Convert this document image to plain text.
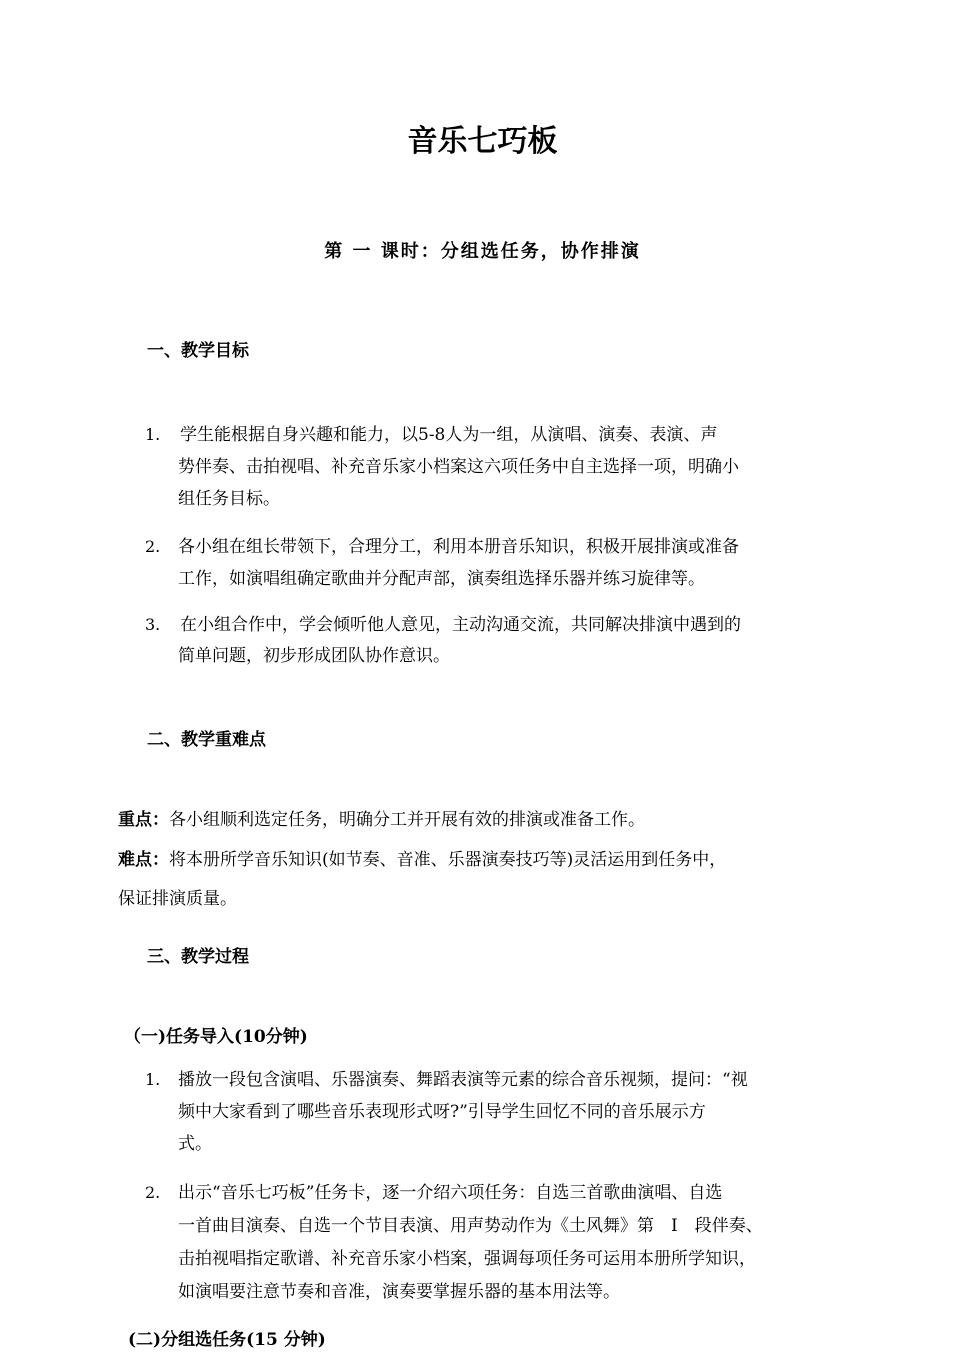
音乐七巧板
第 一 课时：分组选任务，协作排演
一、教学目标
1. 学生能根据自身兴趣和能力，以5-8人为一组，从演唱、演奏、表演、声
势伴奏、击拍视唱、补充音乐家小档案这六项任务中自主选择一项，明确小
组任务目标。
2. 各小组在组长带领下，合理分工，利用本册音乐知识，积极开展排演或准备
工作，如演唱组确定歌曲并分配声部，演奏组选择乐器并练习旋律等。
3. 在小组合作中，学会倾听他人意见，主动沟通交流，共同解决排演中遇到的
简单问题，初步形成团队协作意识。
二、教学重难点
重点：各小组顺利选定任务，明确分工并开展有效的排演或准备工作。
难点：将本册所学音乐知识(如节奏、音准、乐器演奏技巧等)灵活运用到任务中，
保证排演质量。
三、教学过程
（一)任务导入(10分钟)
1. 播放一段包含演唱、乐器演奏、舞蹈表演等元素的综合音乐视频，提问：“视
频中大家看到了哪些音乐表现形式呀?”引导学生回忆不同的音乐展示方
式。
2. 出示“音乐七巧板”任务卡，逐一介绍六项任务：自选三首歌曲演唱、自选
一首曲目演奏、自选一个节目表演、用声势动作为《土风舞》第　I　段伴奏、
击拍视唱指定歌谱、补充音乐家小档案，强调每项任务可运用本册所学知识，
如演唱要注意节奏和音准，演奏要掌握乐器的基本用法等。
(二)分组选任务(15 分钟)
